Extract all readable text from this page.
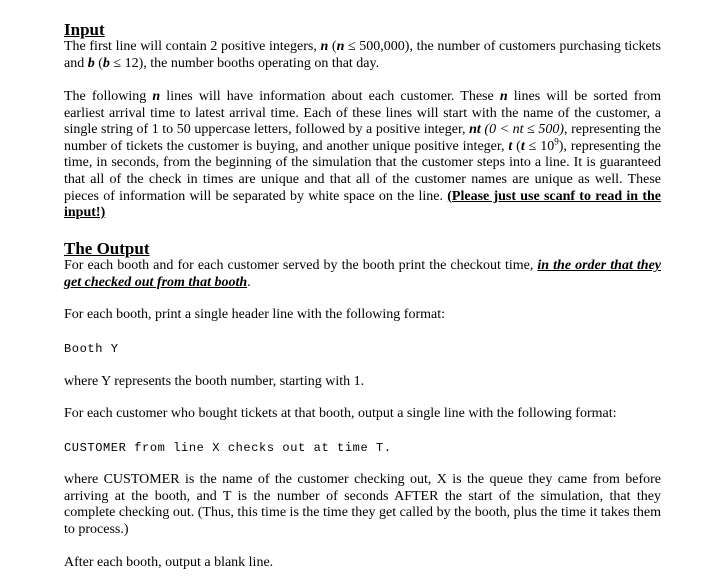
Input

The first line will contain 2 positive integers, n (n ≤ 500,000), the number of customers purchasing tickets and b (b ≤ 12), the number booths operating on that day.

The following n lines will have information about each customer. These n lines will be sorted from earliest arrival time to latest arrival time. Each of these lines will start with the name of the customer, a single string of 1 to 50 uppercase letters, followed by a positive integer, nt (0 < nt ≤ 500), representing the number of tickets the customer is buying, and another unique positive integer, t $(t \le 10^9)$, representing the time, in seconds, from the beginning of the simulation that the customer steps into a line. It is guaranteed that all of the check in times are unique and that all of the customer names are unique as well. These pieces of information will be separated by white space on the line. (Please just use scanf to read in the input!)

The Output

For each booth and for each customer served by the booth print the checkout time, in the order that they get checked out from that booth.

For each booth, print a single header line with the following format:

Booth Y

where Y represents the booth number, starting with 1.

For each customer who bought tickets at that booth, output a single line with the following format:

CUSTOMER from line X checks out at time T.

where CUSTOMER is the name of the customer checking out, X is the queue they came from before arriving at the booth, and T is the number of seconds AFTER the start of the simulation, that they complete checking out. (Thus, this time is the time they get called by the booth, plus the time it takes them to process.)

After each booth, output a blank line.
